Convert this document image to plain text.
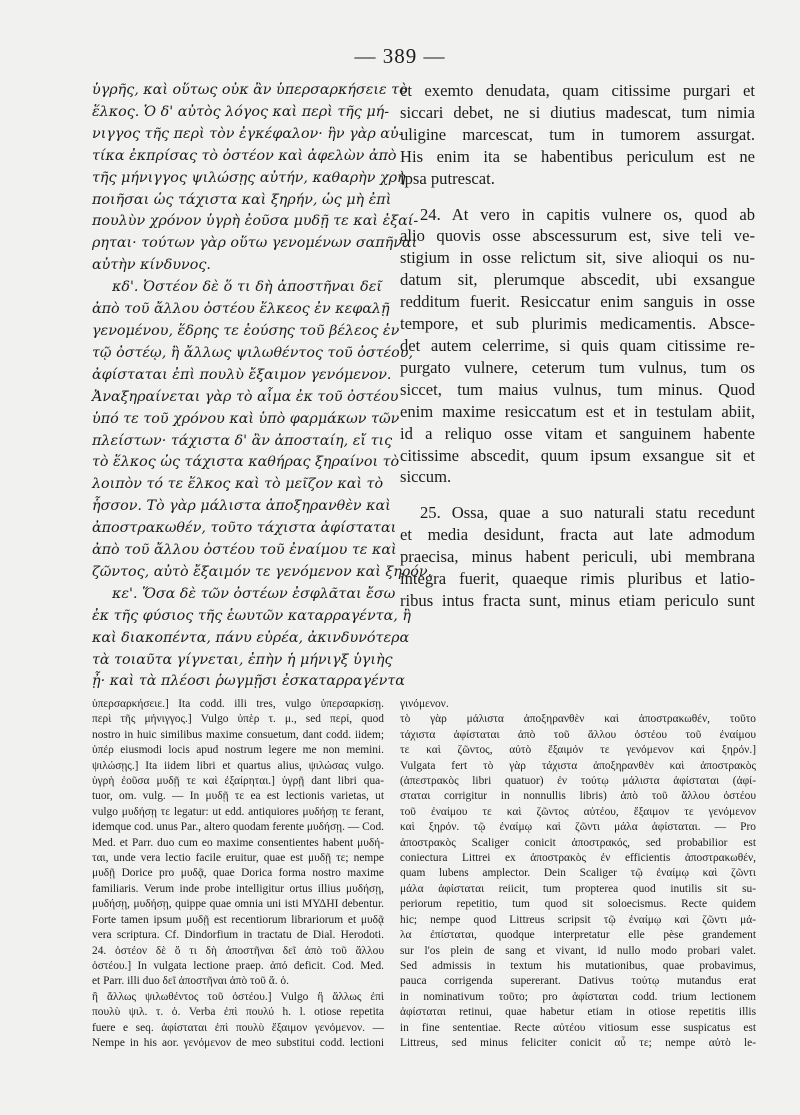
— 389 —
ὑγρῆς, καὶ οὕτως οὐκ ἂν ὑπερσαρκήσειε τὸ
ἕλκος. Ὁ δ' αὐτὸς λόγος καὶ περὶ τῆς μή-
νιγγος τῆς περὶ τὸν ἐγκέφαλον· ἣν γὰρ αὐ-
τίκα ἐκπρίσας τὸ ὀστέον καὶ ἀφελὼν ἀπὸ
τῆς μήνιγγος ψιλώσῃς αὐτήν, καθαρὴν χρὴ
ποιῆσαι ὡς τάχιστα καὶ ξηρήν, ὡς μὴ ἐπὶ
πουλὺν χρόνον ὑγρὴ ἐοῦσα μυδῇ τε καὶ ἐξαί-
ρηται· τούτων γὰρ οὕτω γενομένων σαπῆναι
αὐτὴν κίνδυνος.
κδ'. Ὀστέον δὲ ὅ τι δὴ ἀποστῆναι δεῖ
ἀπὸ τοῦ ἄλλου ὀστέου ἕλκεος ἐν κεφαλῇ
γενομένου, ἕδρης τε ἐούσης τοῦ βέλεος ἐν
τῷ ὀστέῳ, ἢ ἄλλως ψιλωθέντος τοῦ ὀστέου,
ἀφίσταται ἐπὶ πουλὺ ἔξαιμον γενόμενον.
Ἀναξηραίνεται γὰρ τὸ αἷμα ἐκ τοῦ ὀστέου
ὑπό τε τοῦ χρόνου καὶ ὑπὸ φαρμάκων τῶν
πλείστων· τάχιστα δ' ἂν ἀποσταίη, εἴ τις
τὸ ἕλκος ὡς τάχιστα καθήρας ξηραίνοι τὸ
λοιπὸν τό τε ἕλκος καὶ τὸ μεῖζον καὶ τὸ
ἧσσον. Τὸ γὰρ μάλιστα ἀποξηρανθὲν καὶ
ἀποστρακωθέν, τοῦτο τάχιστα ἀφίσταται
ἀπὸ τοῦ ἄλλου ὀστέου τοῦ ἐναίμου τε καὶ
ζῶντος, αὐτὸ ἔξαιμόν τε γενόμενον καὶ ξηρόν.
κε'. Ὅσα δὲ τῶν ὀστέων ἐσφλᾶται ἔσω
ἐκ τῆς φύσιος τῆς ἑωυτῶν καταρραγέντα, ἢ
καὶ διακοπέντα, πάνυ εὐρέα, ἀκινδυνότερα
τὰ τοιαῦτα γίγνεται, ἐπὴν ἡ μήνιγξ ὑγιὴς
ᾖ· καὶ τὰ πλέοσι ῥωγμῇσι ἐσκαταρραγέντα
et exemto denudata, quam citissime purgari et
siccari debet, ne si diutius madescat, tum nimia
uligine marcescat, tum in tumorem assurgat.
His enim ita se habentibus periculum est ne
ipsa putrescat.
24. At vero in capitis vulnere os, quod ab
alio quovis osse abscessurum est, sive teli ve-
stigium in osse relictum sit, sive alioqui os nu-
datum sit, plerumque abscedit, ubi exsangue
redditum fuerit. Resiccatur enim sanguis in osse
tempore, et sub plurimis medicamentis. Absce-
det autem celerrime, si quis quam citissime re-
purgato vulnere, ceterum tum vulnus, tum os
siccet, tum maius vulnus, tum minus. Quod
enim maxime resiccatum est et in testulam abiit,
id a reliquo osse vitam et sanguinem habente
citissime abscedit, quum ipsum exsangue sit et
siccum.
25. Ossa, quae a suo naturali statu recedunt
et media desidunt, fracta aut late admodum
praecisa, minus habent periculi, ubi membrana
integra fuerit, quaeque rimis pluribus et latio-
ribus intus fracta sunt, minus etiam periculo sunt
ὑπερσαρκήσειε.] Ita codd. illi tres, vulgo ὑπερσαρκίσῃ.
περὶ τῆς μήνιγγος.] Vulgo ὑπὲρ τ. μ., sed περί, quod
nostro in huic similibus maxime consuetum, dant codd. iidem;
ὑπέρ eiusmodi locis apud nostrum legere me non memini.
ψιλώσῃς.] Ita iidem libri et quartus alius, ψιλώσας vulgo.
ὑγρὴ ἐοῦσα μυδῇ τε καὶ ἐξαίρηται.] ὑγρῇ dant libri qua-
tuor, om. vulg. — In μυδῇ τε ea est lectionis varietas, ut
vulgo μυδήσῃ τε legatur: ut edd. antiquiores μυδήσῃ τε ferant,
idemque cod. unus Par., altero quodam ferente μυδήσῃ. — Cod.
Med. et Parr. duo cum eo maxime consentientes habent μυδή-
ται, unde vera lectio facile eruitur, quae est μυδῇ τε; nempe
μυδῇ Dorice pro μυδᾷ, quae Dorica forma nostro maxime
familiaris. Verum inde probe intelligitur ortus illius μυδήσῃ,
μυδήσῃ, μυδήσῃ, quippe quae omnia uni isti ΜΥΔΗΙ debentur.
Forte tamen ipsum μυδῇ est recentiorum librariorum et μυδᾷ
vera scriptura. Cf. Dindorfium in tractatu de Dial. Herodoti.
24. ὀστέον δὲ ὅ τι δὴ ἀποστῆναι δεῖ ἀπὸ τοῦ ἄλλου
ὀστέου.] In vulgata lectione praep. ἀπό deficit. Cod. Med.
et Parr. illi duo δεῖ ἀποστῆναι ἀπὸ τοῦ ἄ. ὀ.
ἢ ἄλλως ψιλωθέντος τοῦ ὀστέου.] Vulgo ἢ ἄλλως ἐπὶ
πουλὺ ψιλ. τ. ὀ. Verba ἐπὶ πουλύ h. l. otiose repetita
fuere e seq. ἀφίσταται ἐπὶ πουλὺ ἔξαιμον γενόμενον. —
Nempe in his aor. γενόμενον de meo substitui codd. lectioni
γινόμενον.
τὸ γὰρ μάλιστα ἀποξηρανθὲν καὶ ἀποστρακωθέν, τοῦτο
τάχιστα ἀφίσταται ἀπὸ τοῦ ἄλλου ὀστέου τοῦ ἐναίμου
τε καὶ ζῶντος, αὐτὸ ἔξαιμόν τε γενόμενον καὶ ξηρόν.]
Vulgata fert τὸ γὰρ τάχιστα ἀποξηρανθὲν καὶ ἀποστρακὸς
(ἀπεστρακὸς libri quatuor) ἐν τούτῳ μάλιστα ἀφίσταται (ἀφί-
σταται corrigitur in nonnullis libris) ἀπὸ τοῦ ἄλλου ὀστέου
τοῦ ἐναίμου τε καὶ ζῶντος αὐτέου, ἔξαιμον τε γενόμενον
καὶ ξηρόν. τῷ ἐναίμῳ καὶ ζῶντι μάλα ἀφίσταται. — Pro
ἀποστρακὸς Scaliger conicit ἀποστρακός, sed probabilior est
coniectura Littrei ex ἀποστρακὸς ἐν efficientis ἀποστρακωθέν,
quam lubens amplector. Dein Scaliger τῷ ἐναίμῳ καὶ ζῶντι
μάλα ἀφίσταται reiicit, tum propterea quod inutilis sit su-
periorum repetitio, tum quod sit soloecismus. Recte quidem
hic; nempe quod Littreus scripsit τῷ ἐναίμῳ καὶ ζῶντι μά-
λα ἐπίσταται, quodque interpretatur elle pèse grandement
sur l'os plein de sang et vivant, id nullo modo probari valet.
Sed admissis in textum his mutationibus, quae probavimus,
pauca corrigenda supererant. Dativus τούτῳ mutandus erat
in nominativum τοῦτο; pro ἀφίσταται codd. trium lectionem
ἀφίσταται retinui, quae habetur etiam in otiose repetitis illis
in fine sententiae. Recte αὐτέου vitiosum esse suspicatus est
Littreus, sed minus feliciter conicit αὖ τε; nempe αὐτὸ le-
